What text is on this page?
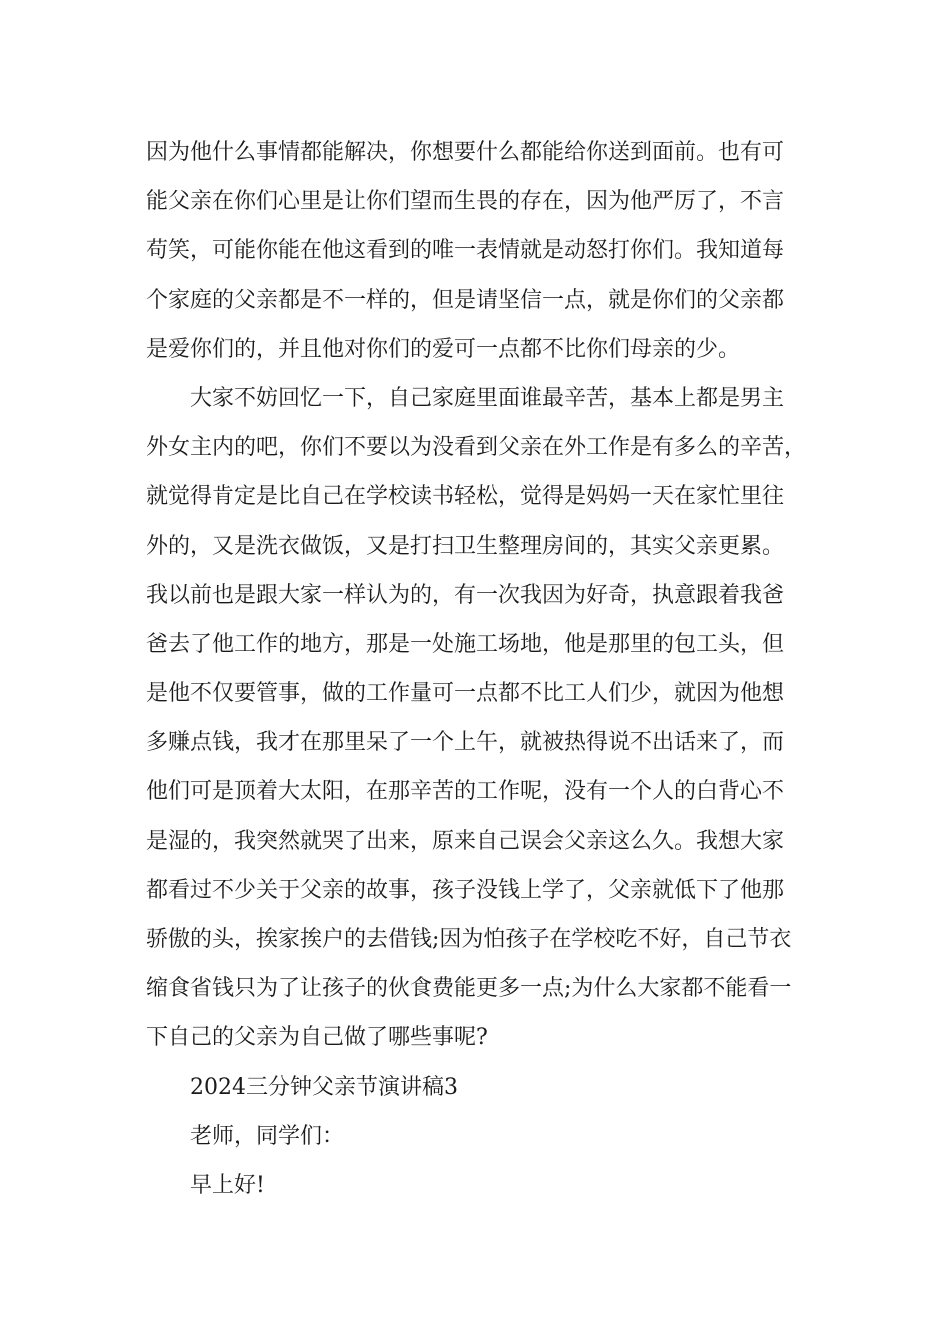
因为他什么事情都能解决，你想要什么都能给你送到面前。也有可
能父亲在你们心里是让你们望而生畏的存在，因为他严厉了，不言
苟笑，可能你能在他这看到的唯一表情就是动怒打你们。我知道每
个家庭的父亲都是不一样的，但是请坚信一点，就是你们的父亲都
是爱你们的，并且他对你们的爱可一点都不比你们母亲的少。
大家不妨回忆一下，自己家庭里面谁最辛苦，基本上都是男主
外女主内的吧，你们不要以为没看到父亲在外工作是有多么的辛苦，
就觉得肯定是比自己在学校读书轻松，觉得是妈妈一天在家忙里往
外的，又是洗衣做饭，又是打扫卫生整理房间的，其实父亲更累。
我以前也是跟大家一样认为的，有一次我因为好奇，执意跟着我爸
爸去了他工作的地方，那是一处施工场地，他是那里的包工头，但
是他不仅要管事，做的工作量可一点都不比工人们少，就因为他想
多赚点钱，我才在那里呆了一个上午，就被热得说不出话来了，而
他们可是顶着大太阳，在那辛苦的工作呢，没有一个人的白背心不
是湿的，我突然就哭了出来，原来自己误会父亲这么久。我想大家
都看过不少关于父亲的故事，孩子没钱上学了，父亲就低下了他那
骄傲的头，挨家挨户的去借钱;因为怕孩子在学校吃不好，自己节衣
缩食省钱只为了让孩子的伙食费能更多一点;为什么大家都不能看一
下自己的父亲为自己做了哪些事呢?
2024三分钟父亲节演讲稿3
老师，同学们：
早上好!
